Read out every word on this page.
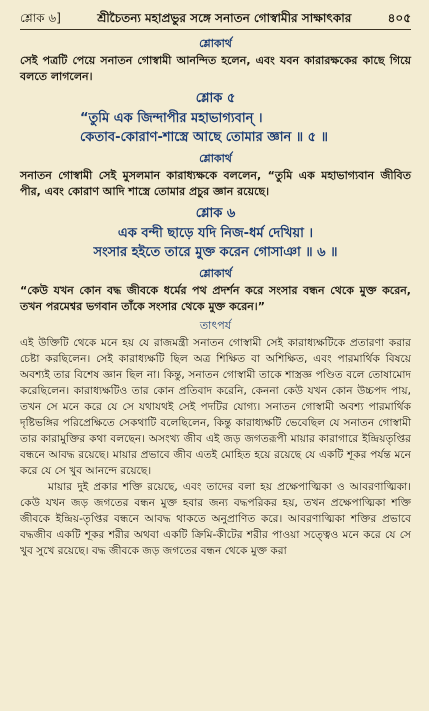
শ্লোক ৬]	শ্রীচৈতন্য মহাপ্রভুর সঙ্গে সনাতন গোস্বামীর সাক্ষাৎকার	৪০৫
শ্লোকার্থ

সেই পত্রটি পেয়ে সনাতন গোস্বামী আনন্দিত হলেন, এবং যবন কারারক্ষকের কাছে গিয়ে বলতে লাগলেন।

শ্লোক ৫
“তুমি এক জিন্দাপীর মহাভাগ্যবান্ ।
কেতাব-কোরাণ-শাস্ত্রে আছে তোমার জ্ঞান ॥ ৫ ॥
শ্লোকার্থ

সনাতন গোস্বামী সেই মুসলমান কারাধ্যক্ষকে বললেন, “তুমি এক মহাভাগ্যবান জীবিত পীর, এবং কোরাণ আদি শাস্ত্রে তোমার প্রচুর জ্ঞান রয়েছে।

শ্লোক ৬
এক বন্দী ছাড়ে যদি নিজ-ধর্ম দেখিয়া ।
সংসার হইতে তারে মুক্ত করেন গোসাঞা ॥ ৬ ॥
শ্লোকার্থ

“কেউ যখন কোন বদ্ধ জীবকে ধর্মের পথ প্রদর্শন করে সংসার বন্ধন থেকে মুক্ত করেন, তখন পরমেশ্বর ভগবান তাঁকে সংসার থেকে মুক্ত করেন।”

তাৎপর্য

এই উক্তিটি থেকে মনে হয় যে রাজমন্ত্রী সনাতন গোস্বামী সেই কারাধ্যক্ষটিকে প্রতারণা করার চেষ্টা করছিলেন। সেই কারাধ্যক্ষটি ছিল অত্র শিক্ষিত বা অশিক্ষিত, এবং পারমার্থিক বিষয়ে অবশ্যই তার বিশেষ জ্ঞান ছিল না। কিন্তু, সনাতন গোস্বামী তাকে শাস্ত্রজ্ঞ পণ্ডিত বলে তোষামোদ করেছিলেন। কারাধ্যক্ষটিও তার কোন প্রতিবাদ করেনি, কেননা কেউ যখন কোন উচ্চপদ পায়, তখন সে মনে করে যে সে যথাযথই সেই পদটির যোগ্য। সনাতন গোস্বামী অবশ্য পারমার্থিক দৃষ্টিভঙ্গির পরিপ্রেক্ষিতে সেকথাটি বলেছিলেন, কিন্তু কারাধ্যক্ষটি ভেবেছিল যে সনাতন গোস্বামী তার কারামুক্তির কথা বলছেন। অসংখ্য জীব এই জড় জগতরূপী মায়ার কারাগারে ইন্দ্রিয়তৃপ্তির বন্ধনে আবদ্ধ রয়েছে। মায়ার প্রভাবে জীব এতই মোহিত হয়ে রয়েছে যে একটি শূকর পর্যন্ত মনে করে যে সে খুব আনন্দে রয়েছে।

মায়ার দুই প্রকার শক্তি রয়েছে, এবং তাদের বলা হয় প্রক্ষেপাত্মিকা ও আবরণাত্মিকা। কেউ যখন জড় জগতের বন্ধন মুক্ত হবার জন্য বদ্ধপরিকর হয়, তখন প্রক্ষেপাত্মিকা শক্তি জীবকে ইন্দ্রিয়-তৃপ্তির বন্ধনে আবদ্ধ থাকতে অনুপ্রাণিত করে। আবরণাত্মিকা শক্তির প্রভাবে বদ্ধজীব একটি শূকর শরীর অথবা একটি ক্রিমি-কীটের শরীর পাওয়া সত্ত্বেও মনে করে যে সে খুব সুখে রয়েছে। বদ্ধ জীবকে জড় জগতের বন্ধন থেকে মুক্ত করা
